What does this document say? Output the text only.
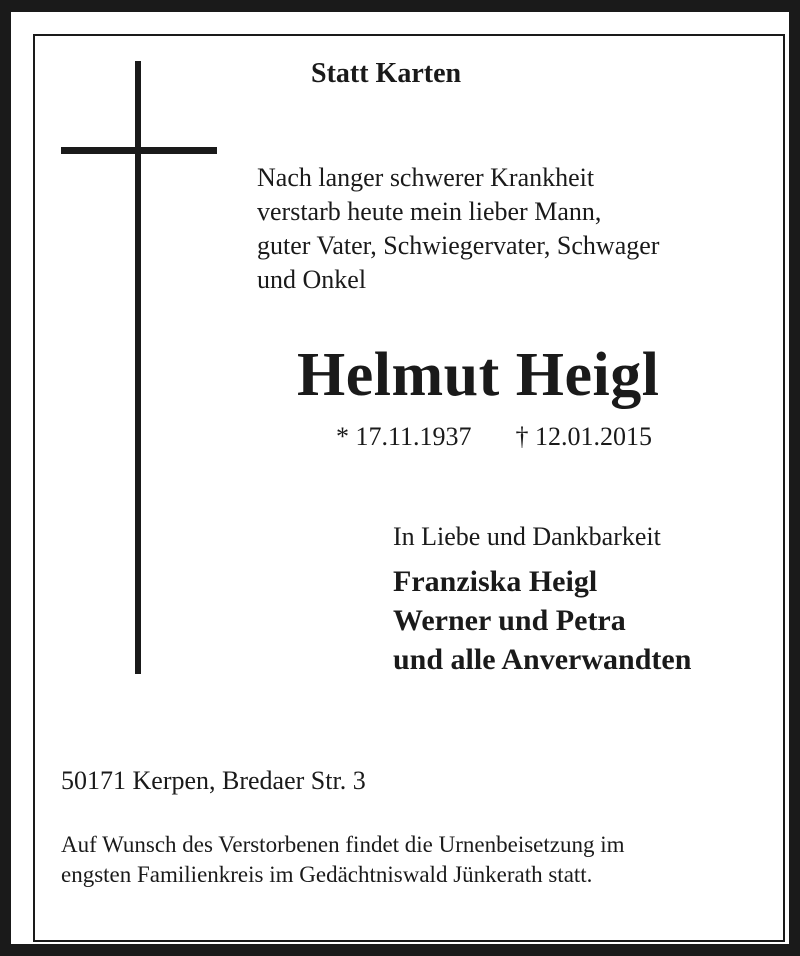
Statt Karten

Nach langer schwerer Krankheit
verstarb heute mein lieber Mann,
guter Vater, Schwiegervater, Schwager
und Onkel

Helmut Heigl

* 17.11.1937 † 12.01.2015

In Liebe und Dankbarkeit

Franziska Heigl
Werner und Petra
und alle Anverwandten

50171 Kerpen, Bredaer Str. 3

Auf Wunsch des Verstorbenen findet die Urnenbeisetzung im
engsten Familienkreis im Gedächtniswald Jünkerath statt.
